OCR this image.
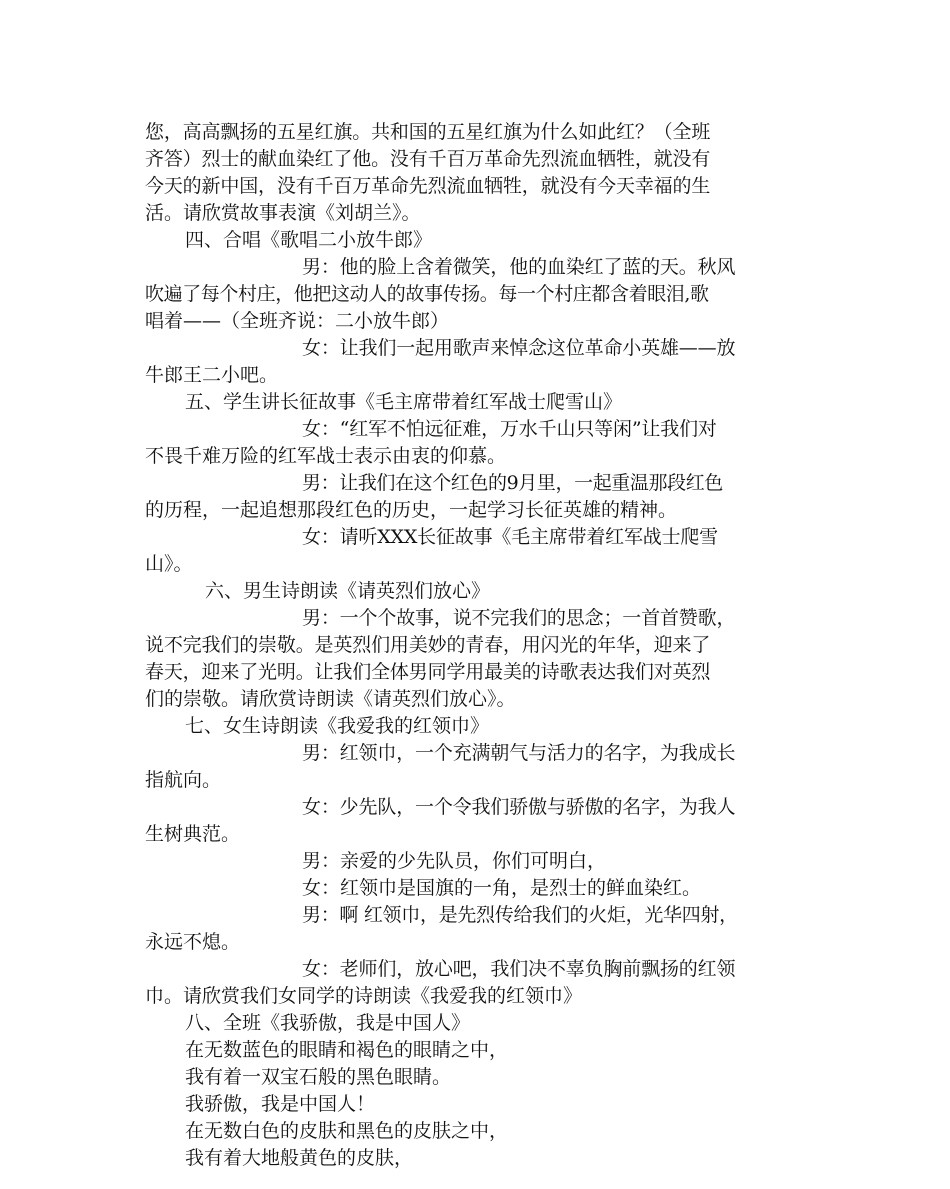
您，高高飘扬的五星红旗。共和国的五星红旗为什么如此红？（全班
齐答）烈士的献血染红了他。没有千百万革命先烈流血牺牲，就没有
今天的新中国，没有千百万革命先烈流血牺牲，就没有今天幸福的生
活。请欣赏故事表演《刘胡兰》。
四、合唱《歌唱二小放牛郎》
男：他的脸上含着微笑，他的血染红了蓝的天。秋风
吹遍了每个村庄，他把这动人的故事传扬。每一个村庄都含着眼泪,歌
唱着——（全班齐说：二小放牛郎）
女：让我们一起用歌声来悼念这位革命小英雄——放
牛郎王二小吧。
五、学生讲长征故事《毛主席带着红军战士爬雪山》
女：“红军不怕远征难，万水千山只等闲”让我们对
不畏千难万险的红军战士表示由衷的仰慕。
男：让我们在这个红色的9月里，一起重温那段红色
的历程，一起追想那段红色的历史，一起学习长征英雄的精神。
女：请听XXX长征故事《毛主席带着红军战士爬雪
山》。
六、男生诗朗读《请英烈们放心》
男：一个个故事，说不完我们的思念；一首首赞歌，
说不完我们的崇敬。是英烈们用美妙的青春，用闪光的年华，迎来了
春天，迎来了光明。让我们全体男同学用最美的诗歌表达我们对英烈
们的崇敬。请欣赏诗朗读《请英烈们放心》。
七、女生诗朗读《我爱我的红领巾》
男：红领巾，一个充满朝气与活力的名字，为我成长
指航向。
女：少先队，一个令我们骄傲与骄傲的名字，为我人
生树典范。
男：亲爱的少先队员，你们可明白，
女：红领巾是国旗的一角，是烈士的鲜血染红。
男：啊 红领巾，是先烈传给我们的火炬，光华四射，
永远不熄。
女：老师们，放心吧，我们决不辜负胸前飘扬的红领
巾。请欣赏我们女同学的诗朗读《我爱我的红领巾》
八、全班《我骄傲，我是中国人》
在无数蓝色的眼睛和褐色的眼睛之中，
我有着一双宝石般的黑色眼睛。
我骄傲，我是中国人！
在无数白色的皮肤和黑色的皮肤之中，
我有着大地般黄色的皮肤，
